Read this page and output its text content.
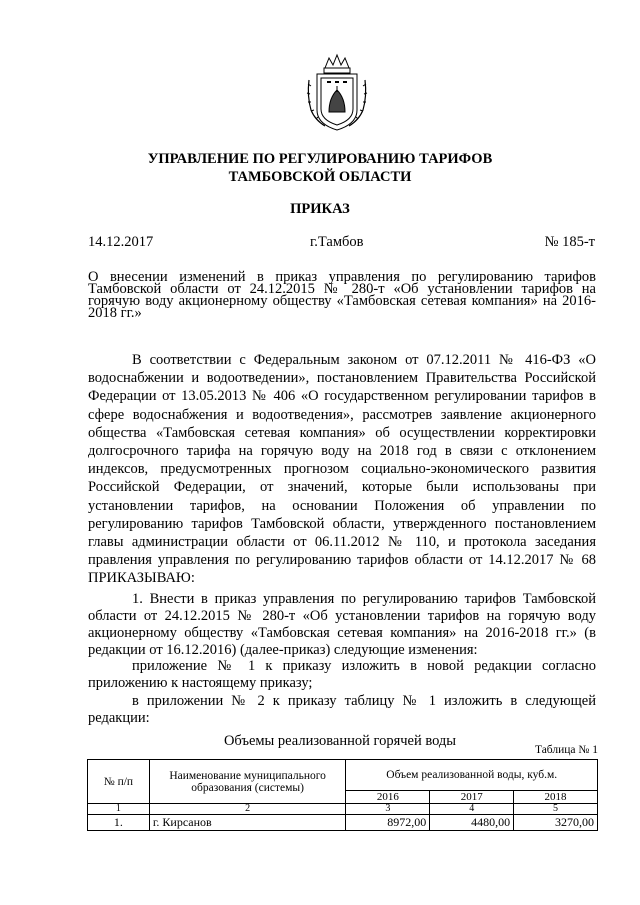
УПРАВЛЕНИЕ ПО РЕГУЛИРОВАНИЮ ТАРИФОВ
ТАМБОВСКОЙ ОБЛАСТИ
ПРИКАЗ
14.12.2017	г.Тамбов	№ 185-т
О внесении изменений в приказ управления по регулированию тарифов Тамбовской области от 24.12.2015 № 280-т «Об установлении тарифов на горячую воду акционерному обществу «Тамбовская сетевая компания» на 2016-2018 гг.»
В соответствии с Федеральным законом от 07.12.2011 № 416-ФЗ «О водоснабжении и водоотведении», постановлением Правительства Российской Федерации от 13.05.2013 № 406 «О государственном регулировании тарифов в сфере водоснабжения и водоотведения», рассмотрев заявление акционерного общества «Тамбовская сетевая компания» об осуществлении корректировки долгосрочного тарифа на горячую воду на 2018 год в связи с отклонением индексов, предусмотренных прогнозом социально-экономического развития Российской Федерации, от значений, которые были использованы при установлении тарифов, на основании Положения об управлении по регулированию тарифов Тамбовской области, утвержденного постановлением главы администрации области от 06.11.2012 № 110, и протокола заседания правления управления по регулированию тарифов области от 14.12.2017 № 68 ПРИКАЗЫВАЮ:
1. Внести в приказ управления по регулированию тарифов Тамбовской области от 24.12.2015 № 280-т «Об установлении тарифов на горячую воду акционерному обществу «Тамбовская сетевая компания» на 2016-2018 гг.» (в редакции от 16.12.2016) (далее-приказ) следующие изменения:
приложение № 1 к приказу изложить в новой редакции согласно приложению к настоящему приказу;
в приложении № 2 к приказу таблицу № 1 изложить в следующей редакции:
Объемы реализованной горячей воды
Таблица № 1
№ п/п	Наименование муниципального образования (системы)	Объем реализованной воды, куб.м.		
		2016	2017	2018
1	2	3	4	5
1.	г. Кирсанов	8972,00	4480,00	3270,00
